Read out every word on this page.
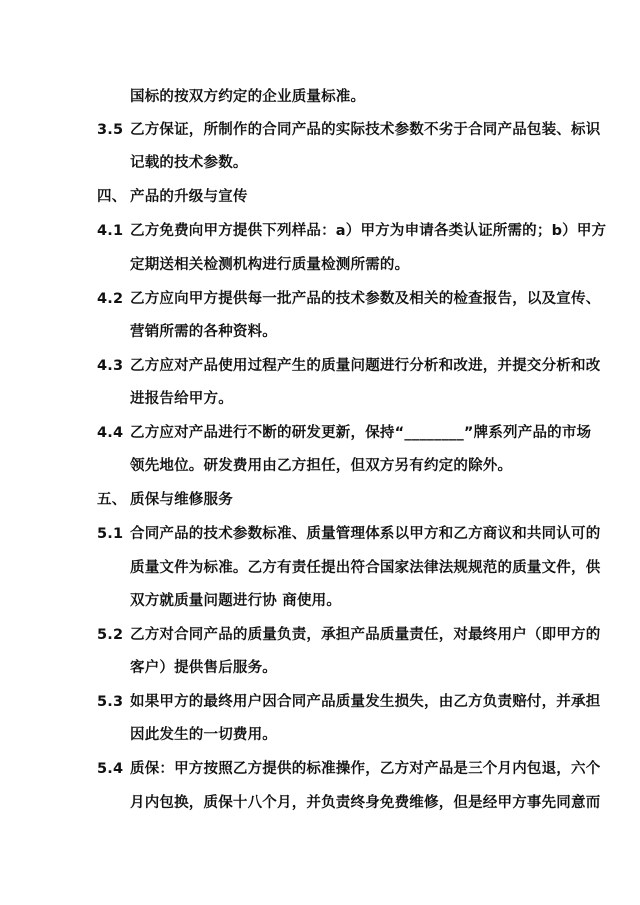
国标的按双方约定的企业质量标准。
3.5 乙方保证，所制作的合同产品的实际技术参数不劣于合同产品包装、标识
记载的技术参数。
四、 产品的升级与宣传
4.1 乙方免费向甲方提供下列样品：a）甲方为申请各类认证所需的；b）甲方
定期送相关检测机构进行质量检测所需的。
4.2 乙方应向甲方提供每一批产品的技术参数及相关的检查报告，以及宣传、
营销所需的各种资料。
4.3 乙方应对产品使用过程产生的质量问题进行分析和改进，并提交分析和改
进报告给甲方。
4.4 乙方应对产品进行不断的研发更新，保持“________”牌系列产品的市场
领先地位。研发费用由乙方担任，但双方另有约定的除外。
五、 质保与维修服务
5.1 合同产品的技术参数标准、质量管理体系以甲方和乙方商议和共同认可的
质量文件为标准。乙方有责任提出符合国家法律法规规范的质量文件，供
双方就质量问题进行协 商使用。
5.2 乙方对合同产品的质量负责，承担产品质量责任，对最终用户（即甲方的
客户）提供售后服务。
5.3 如果甲方的最终用户因合同产品质量发生损失，由乙方负责赔付，并承担
因此发生的一切费用。
5.4 质保：甲方按照乙方提供的标准操作，乙方对产品是三个月内包退，六个
月内包换，质保十八个月，并负责终身免费维修，但是经甲方事先同意而
